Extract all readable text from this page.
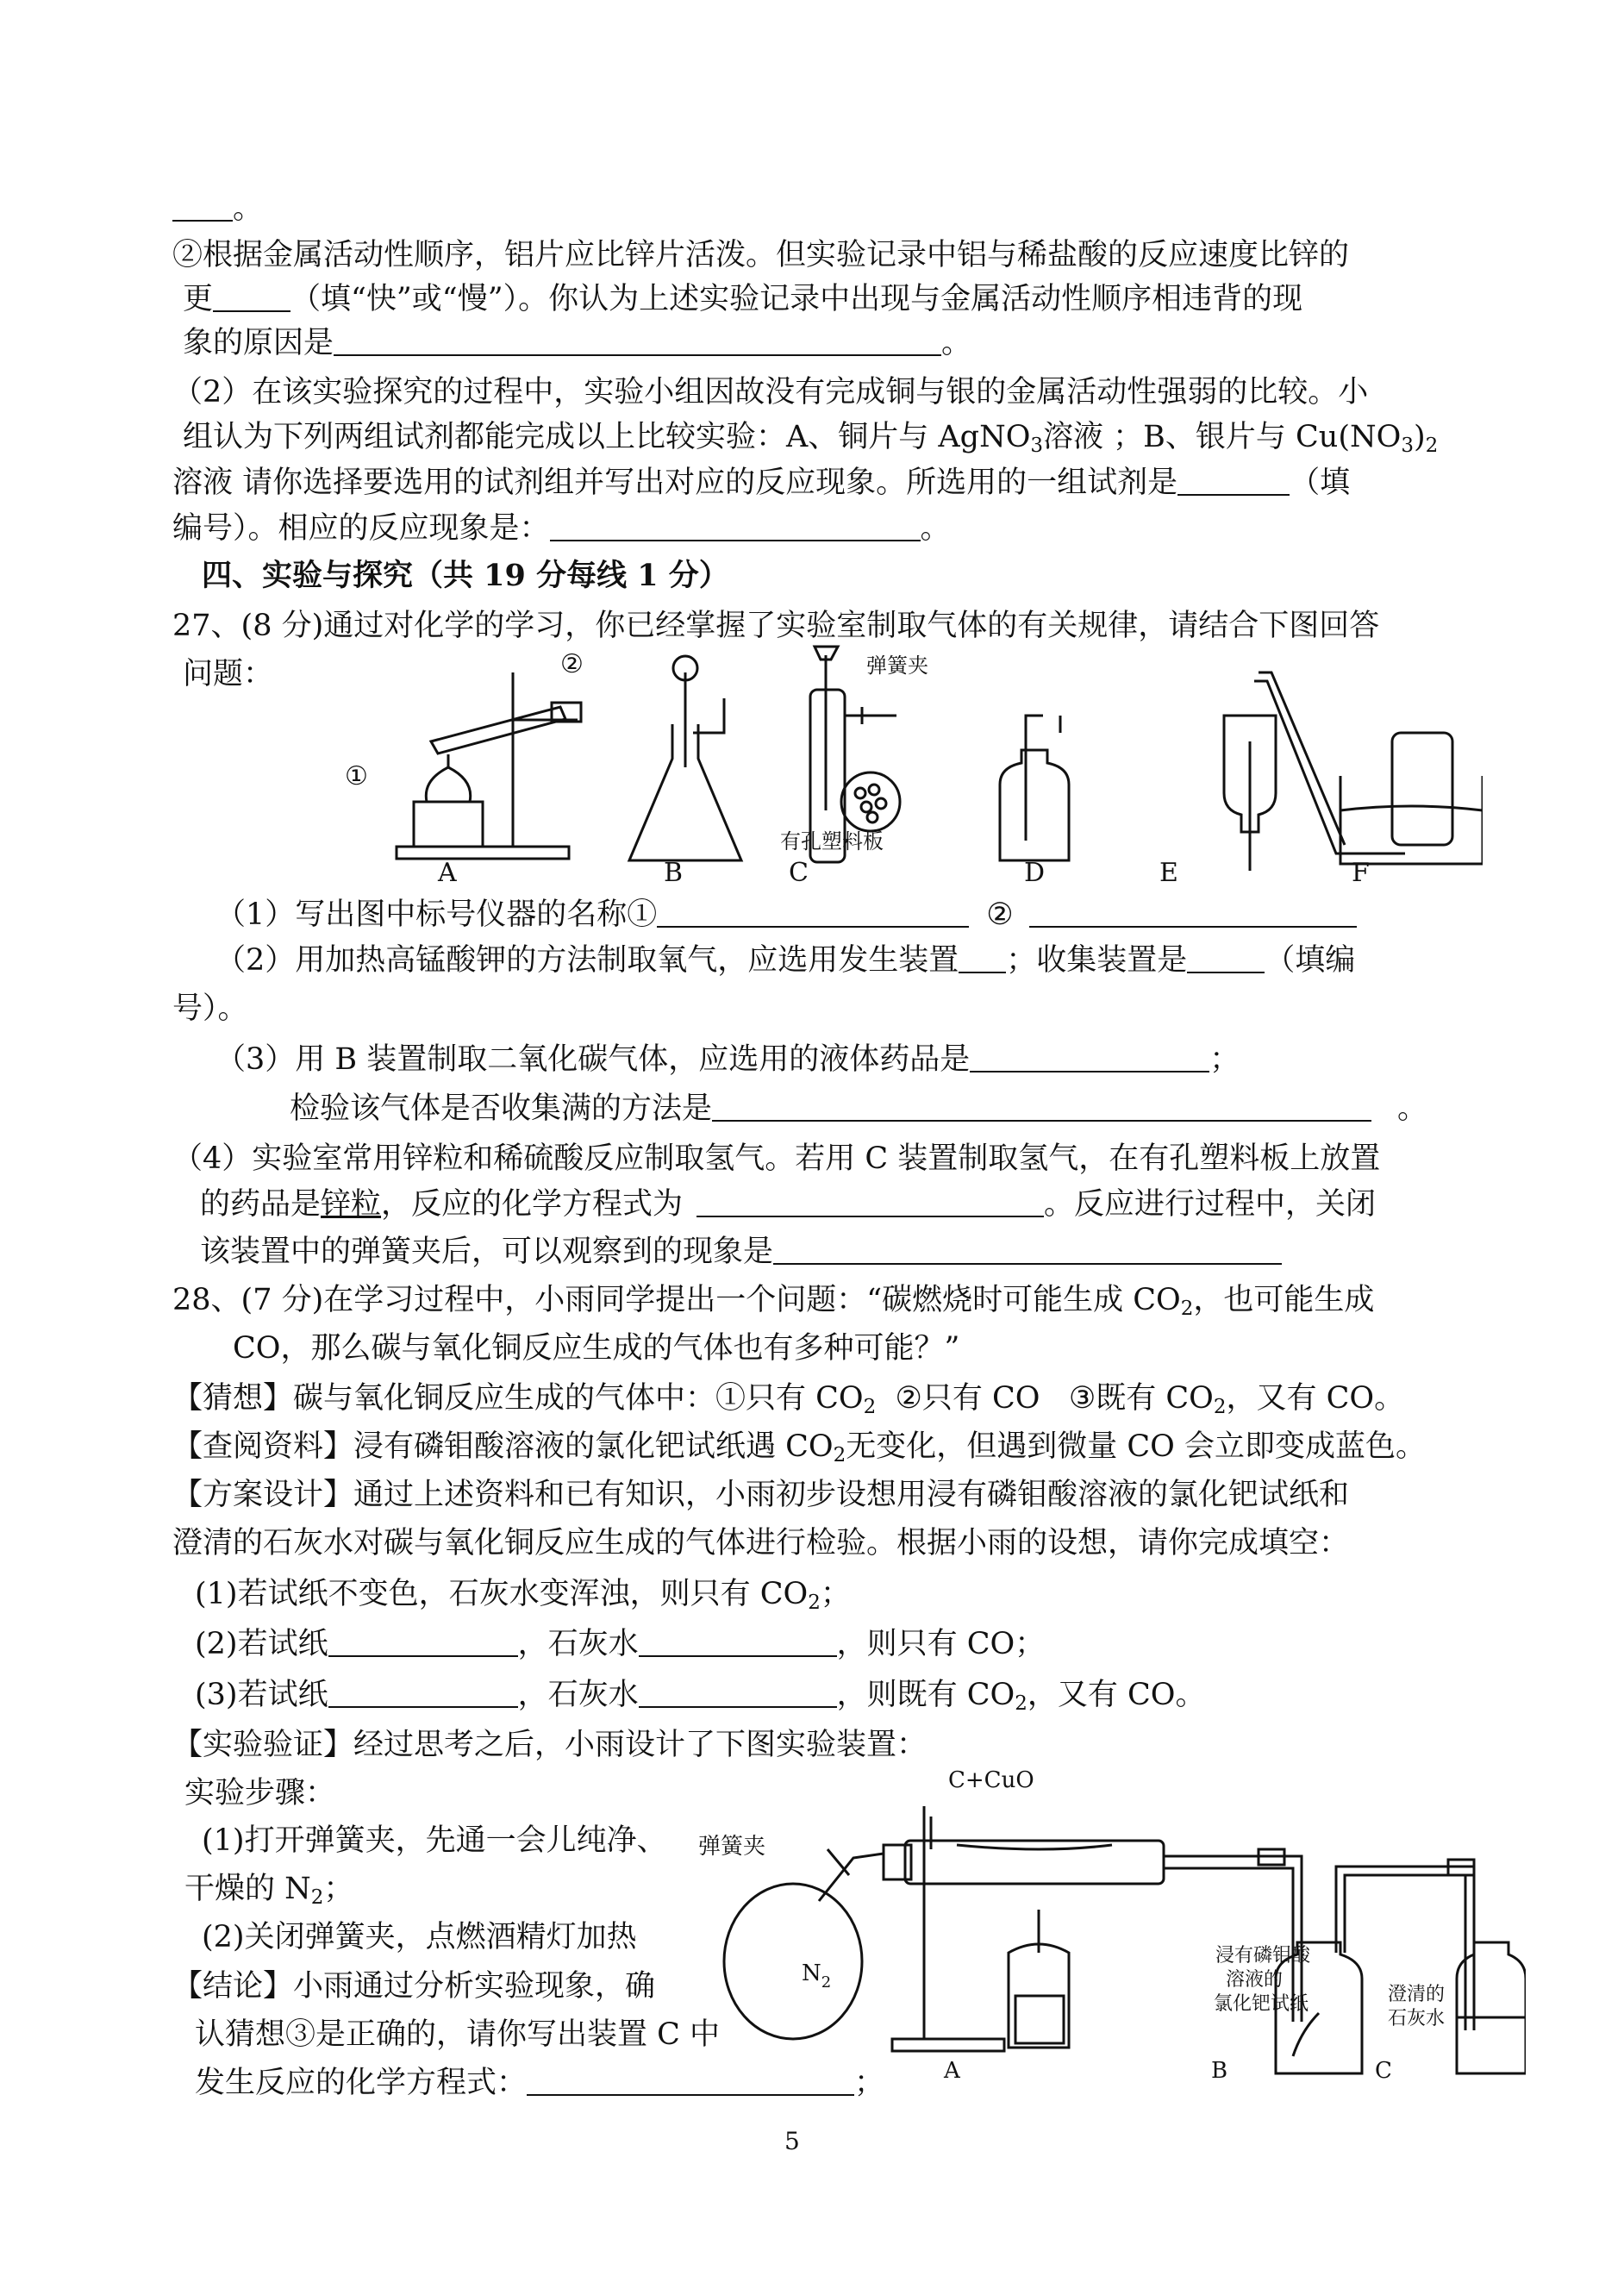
。
②根据金属活动性顺序，铝片应比锌片活泼。但实验记录中铝与稀盐酸的反应速度比锌的
更	（填“快”或“慢”）。你认为上述实验记录中出现与金属活动性顺序相违背的现
象的原因是	。
（2）在该实验探究的过程中，实验小组因故没有完成铜与银的金属活动性强弱的比较。小
组认为下列两组试剂都能完成以上比较实验：A、铜片与 AgNO$_3$溶液 ；B、银片与 $Cu(NO_3)_2$
溶液 请你选择要选用的试剂组并写出对应的反应现象。所选用的一组试剂是	（填
编号）。相应的反应现象是：	。
四、实验与探究（共 19 分每线 1 分）
27、(8 分)通过对化学的学习，你已经掌握了实验室制取气体的有关规律，请结合下图回答
问题：
①
②	弹簧夹
有孔塑料板
A	B	C	D	E	F
（1）写出图中标号仪器的名称①	②
（2）用加热高锰酸钾的方法制取氧气，应选用发生装置 ；收集装置是	（填编
号）。
（3）用 B 装置制取二氧化碳气体，应选用的液体药品是	；
检验该气体是否收集满的方法是	。
（4）实验室常用锌粒和稀硫酸反应制取氢气。若用 C 装置制取氢气，在有孔塑料板上放置
的药品是锌粒，反应的化学方程式为	。反应进行过程中，关闭
该装置中的弹簧夹后，可以观察到的现象是
28、(7 分)在学习过程中，小雨同学提出一个问题：“碳燃烧时可能生成 $CO_2$，也可能生成
CO，那么碳与氧化铜反应生成的气体也有多种可能？”
【猜想】碳与氧化铜反应生成的气体中：①只有 $CO_2$  ②只有 CO   ③既有 $CO_2$，又有 CO。
【查阅资料】浸有磷钼酸溶液的氯化钯试纸遇 $CO_2$无变化，但遇到微量 CO 会立即变成蓝色。
【方案设计】通过上述资料和已有知识，小雨初步设想用浸有磷钼酸溶液的氯化钯试纸和
澄清的石灰水对碳与氧化铜反应生成的气体进行检验。根据小雨的设想，请你完成填空：
(1)若试纸不变色，石灰水变浑浊，则只有 $CO_2$；
(2)若试纸	，石灰水	，则只有 CO；
(3)若试纸	，石灰水	，则既有 $CO_2$，又有 CO。
【实验验证】经过思考之后，小雨设计了下图实验装置：
实验步骤：
(1)打开弹簧夹，先通一会儿纯净、
干燥的 $N_2$；
(2)关闭弹簧夹，点燃酒精灯加热
【结论】小雨通过分析实验现象，确
认猜想③是正确的，请你写出装置 C 中
发生反应的化学方程式：	；
弹簧夹
C+CuO
$N_2$
浸有磷钼酸
溶液的
氯化钯试纸	澄清的
石灰水
A	B	C
5
